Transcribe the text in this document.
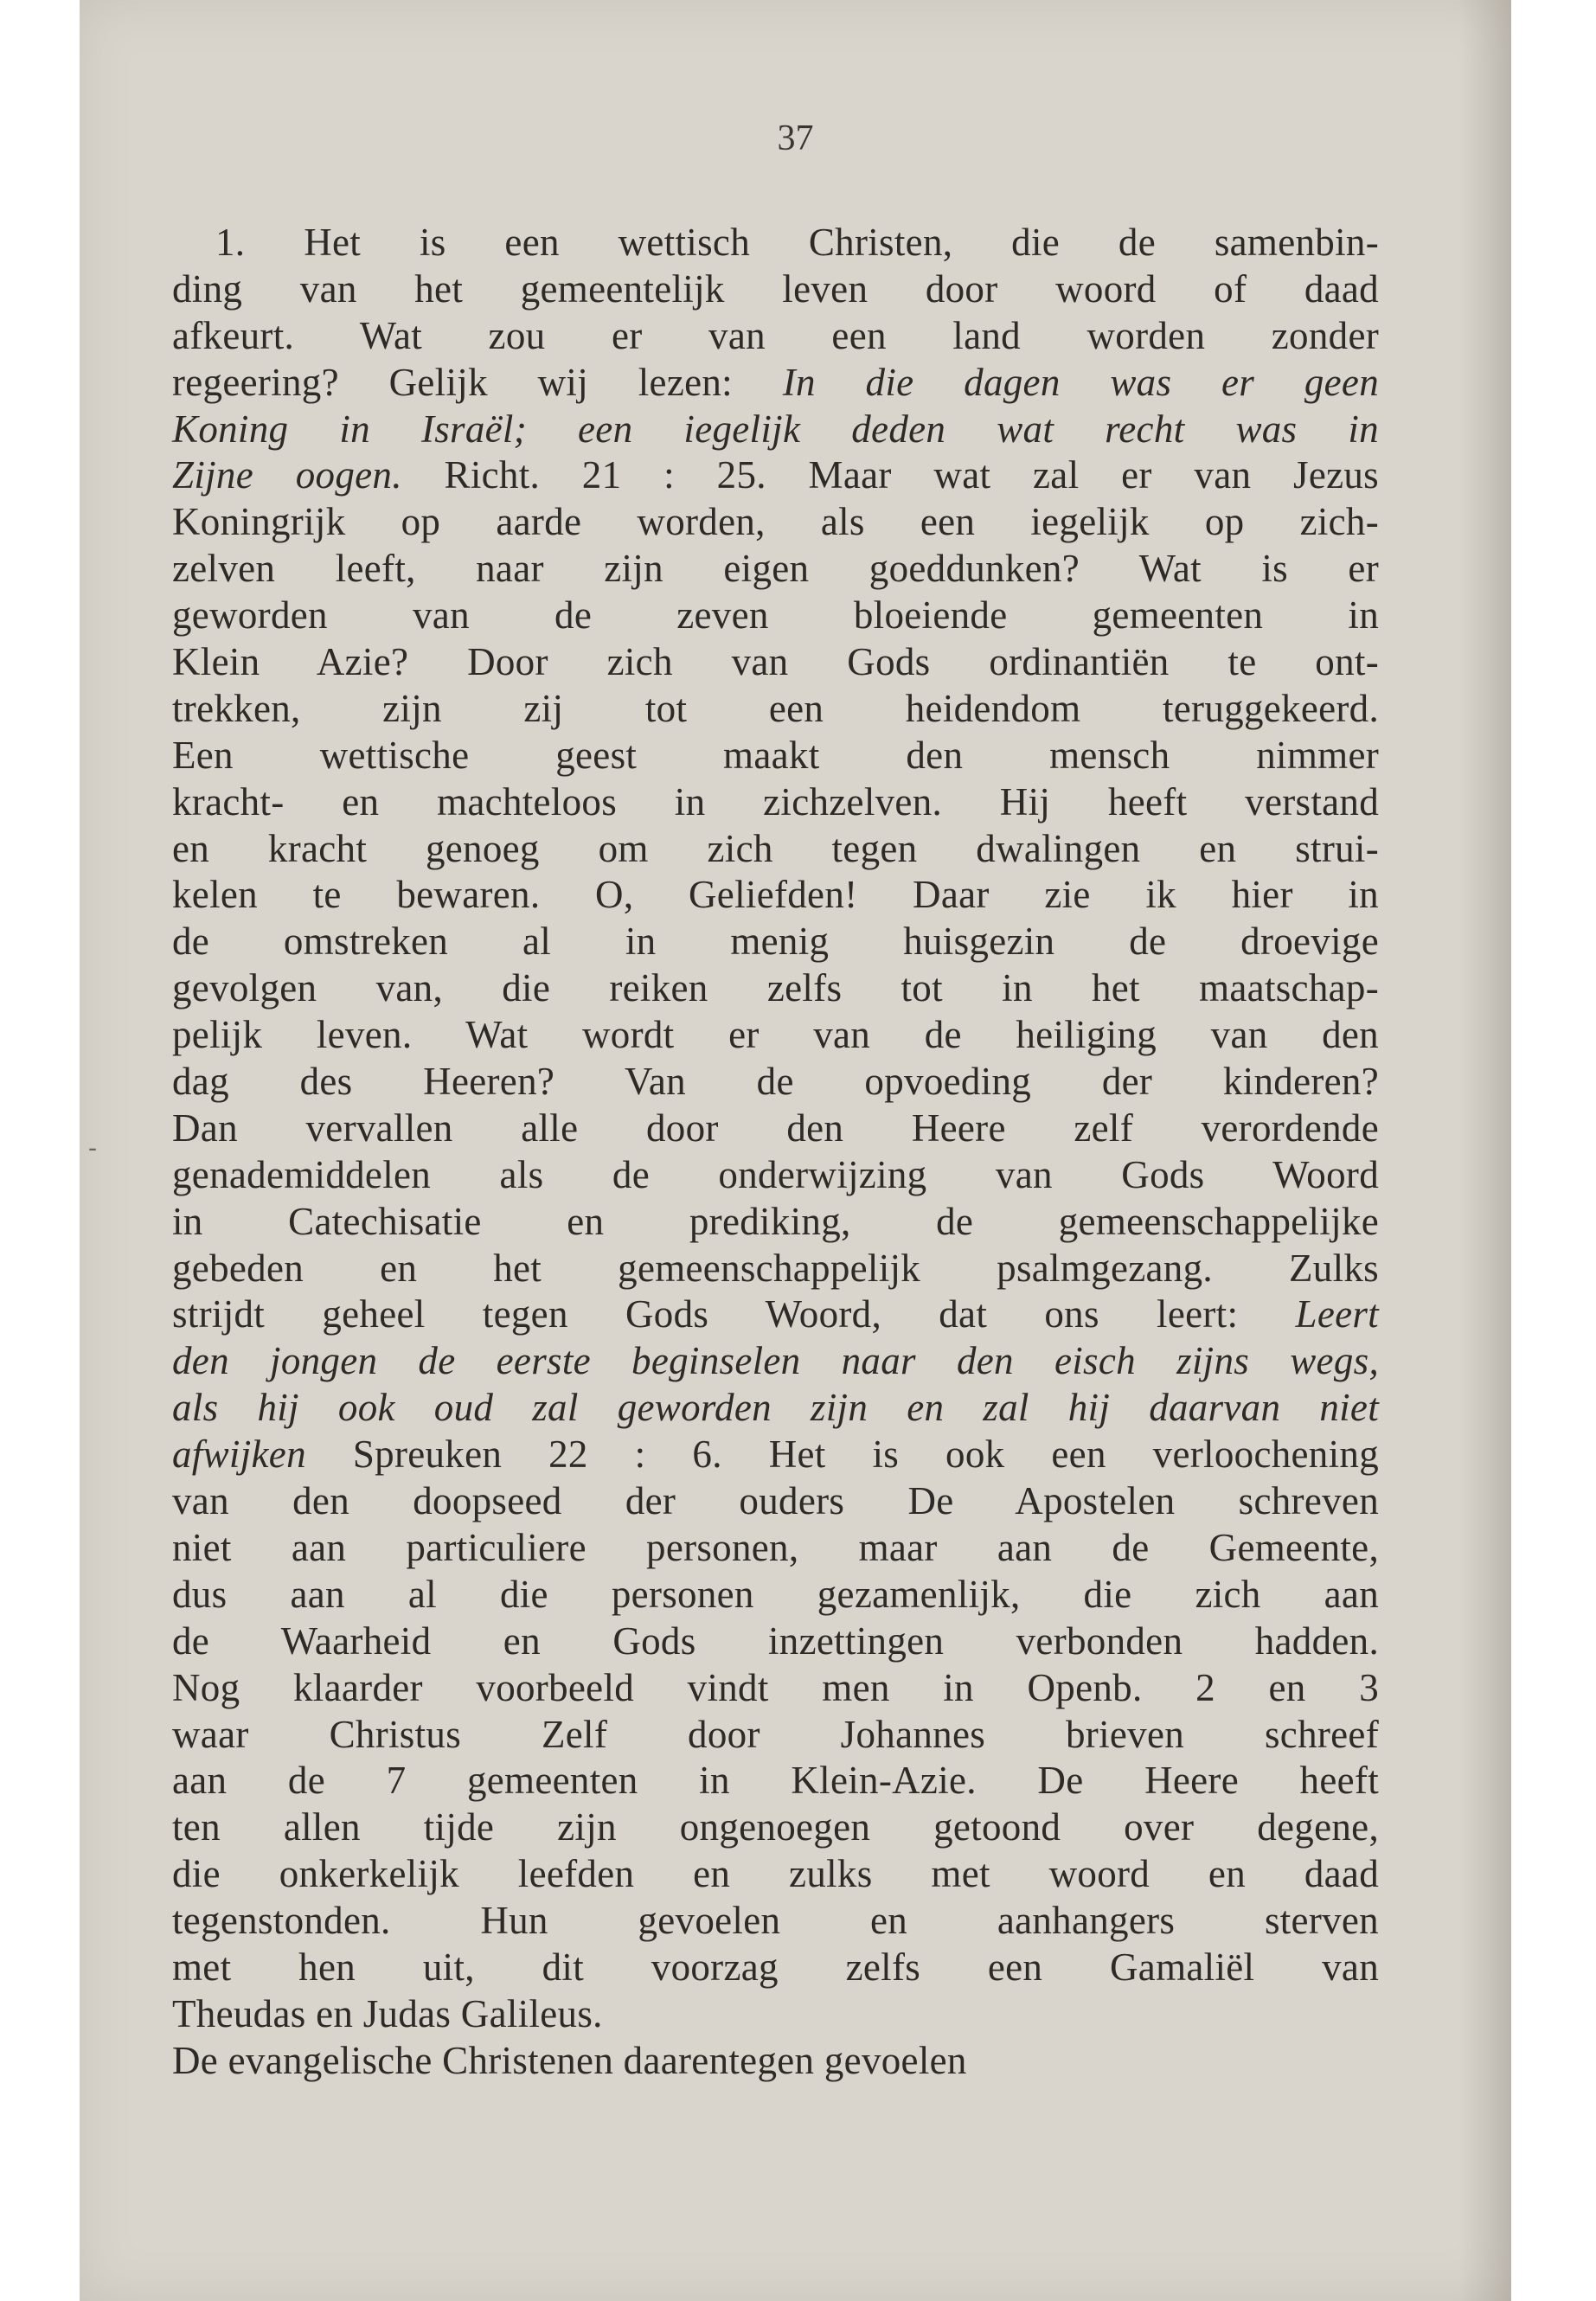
37
-
1. Het is een wettisch Christen, die de samenbin-
ding van het gemeentelijk leven door woord of daad
afkeurt. Wat zou er van een land worden zonder
regeering? Gelijk wij lezen: In die dagen was er geen
Koning in Israël; een iegelijk deden wat recht was in
Zijne oogen. Richt. 21 : 25. Maar wat zal er van Jezus
Koningrijk op aarde worden, als een iegelijk op zich-
zelven leeft, naar zijn eigen goeddunken? Wat is er
geworden van de zeven bloeiende gemeenten in
Klein Azie? Door zich van Gods ordinantiën te ont-
trekken, zijn zij tot een heidendom teruggekeerd.
Een wettische geest maakt den mensch nimmer
kracht- en machteloos in zichzelven. Hij heeft verstand
en kracht genoeg om zich tegen dwalingen en strui-
kelen te bewaren. O, Geliefden! Daar zie ik hier in
de omstreken al in menig huisgezin de droevige
gevolgen van, die reiken zelfs tot in het maatschap-
pelijk leven. Wat wordt er van de heiliging van den
dag des Heeren? Van de opvoeding der kinderen?
Dan vervallen alle door den Heere zelf verordende
genademiddelen als de onderwijzing van Gods Woord
in Catechisatie en prediking, de gemeenschappelijke
gebeden en het gemeenschappelijk psalmgezang. Zulks
strijdt geheel tegen Gods Woord, dat ons leert: Leert
den jongen de eerste beginselen naar den eisch zijns wegs,
als hij ook oud zal geworden zijn en zal hij daarvan niet
afwijken Spreuken 22 : 6. Het is ook een verloochening
van den doopseed der ouders De Apostelen schreven
niet aan particuliere personen, maar aan de Gemeente,
dus aan al die personen gezamenlijk, die zich aan
de Waarheid en Gods inzettingen verbonden hadden.
Nog klaarder voorbeeld vindt men in Openb. 2 en 3
waar Christus Zelf door Johannes brieven schreef
aan de 7 gemeenten in Klein-Azie. De Heere heeft
ten allen tijde zijn ongenoegen getoond over degene,
die onkerkelijk leefden en zulks met woord en daad
tegenstonden. Hun gevoelen en aanhangers sterven
met hen uit, dit voorzag zelfs een Gamaliël van
Theudas en Judas Galileus.
De evangelische Christenen daarentegen gevoelen
